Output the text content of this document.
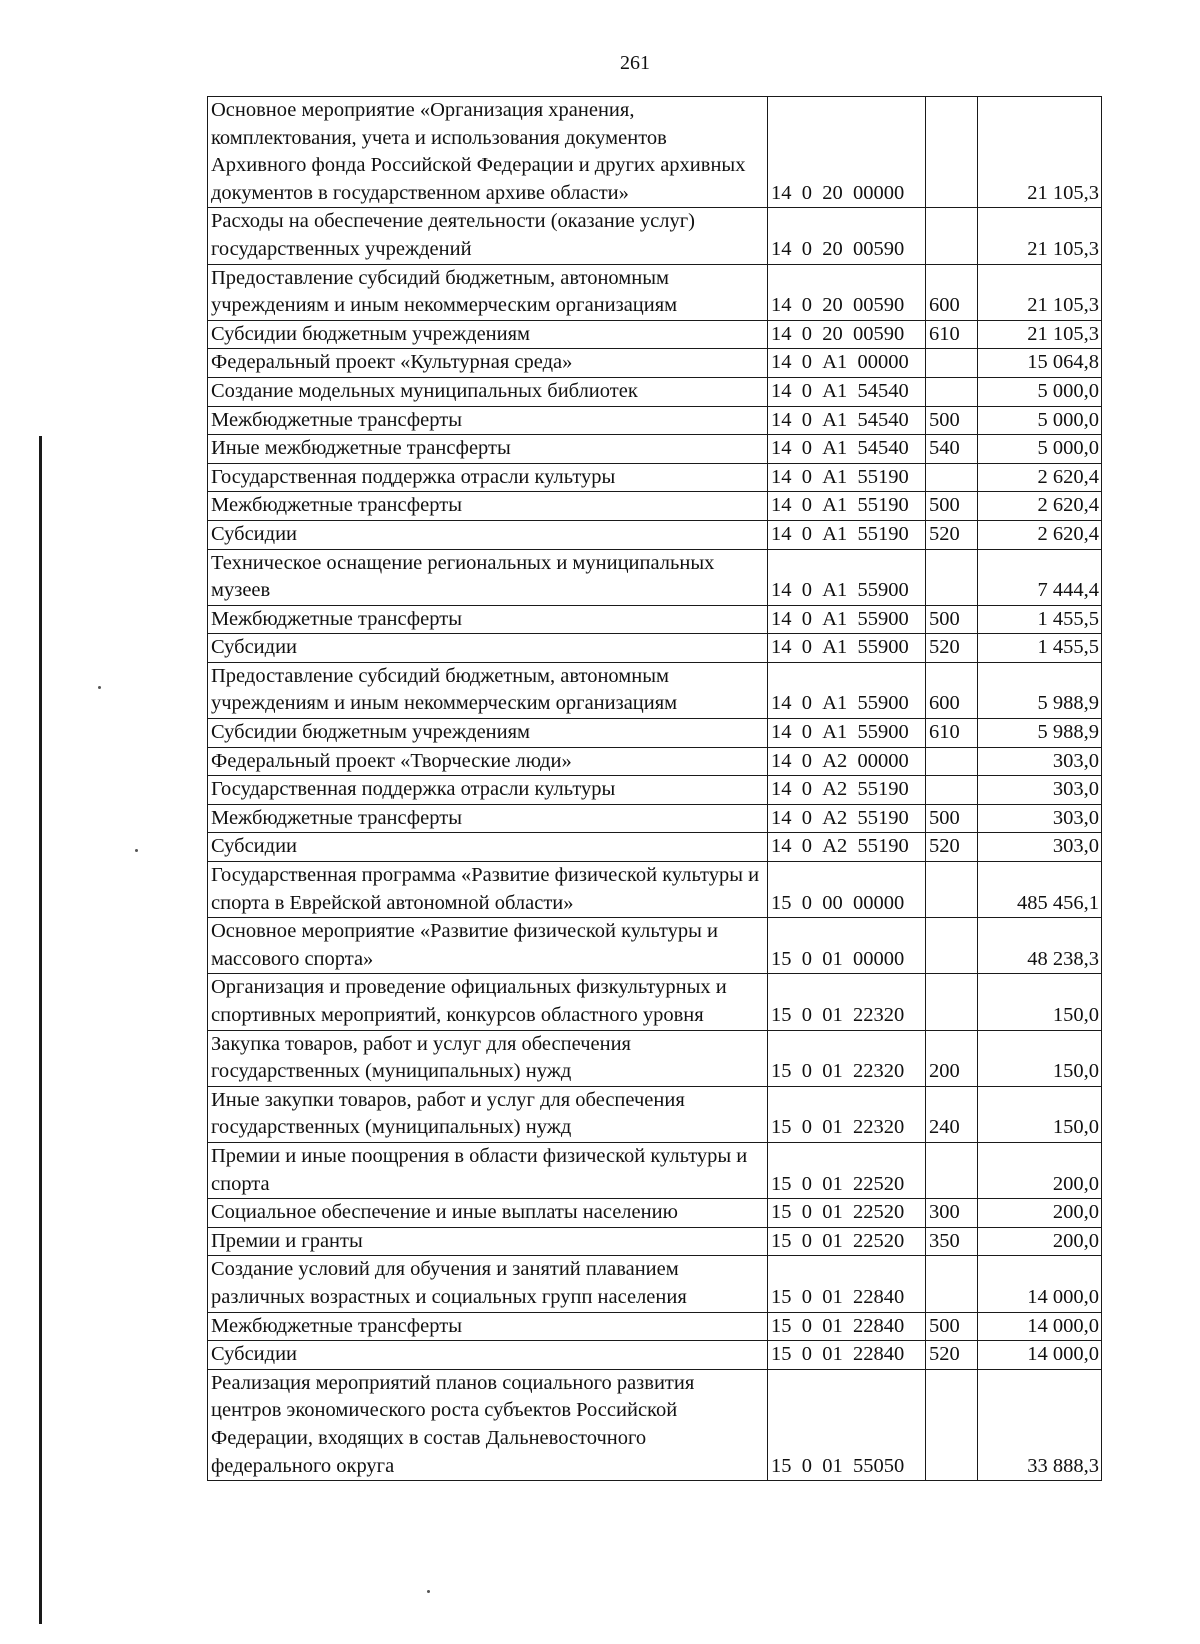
261
Основное мероприятие «Организация хранения, комплектования, учета и использования документов Архивного фонда Российской Федерации и других архивных документов в государственном архиве области»	14  0  20  00000		21 105,3
Расходы на обеспечение деятельности (оказание услуг) государственных учреждений	14  0  20  00590		21 105,3
Предоставление субсидий бюджетным, автономным учреждениям и иным некоммерческим организациям	14  0  20  00590	600	21 105,3
Субсидии бюджетным учреждениям	14  0  20  00590	610	21 105,3
Федеральный проект «Культурная среда»	14  0  А1  00000		15 064,8
Создание модельных муниципальных библиотек	14  0  А1  54540		5 000,0
Межбюджетные трансферты	14  0  А1  54540	500	5 000,0
Иные межбюджетные трансферты	14  0  А1  54540	540	5 000,0
Государственная поддержка отрасли культуры	14  0  А1  55190		2 620,4
Межбюджетные трансферты	14  0  А1  55190	500	2 620,4
Субсидии	14  0  А1  55190	520	2 620,4
Техническое оснащение региональных и муниципальных музеев	14  0  А1  55900		7 444,4
Межбюджетные трансферты	14  0  А1  55900	500	1 455,5
Субсидии	14  0  А1  55900	520	1 455,5
Предоставление субсидий бюджетным, автономным учреждениям и иным некоммерческим организациям	14  0  А1  55900	600	5 988,9
Субсидии бюджетным учреждениям	14  0  А1  55900	610	5 988,9
Федеральный проект «Творческие люди»	14  0  А2  00000		303,0
Государственная поддержка отрасли культуры	14  0  А2  55190		303,0
Межбюджетные трансферты	14  0  А2  55190	500	303,0
Субсидии	14  0  А2  55190	520	303,0
Государственная программа «Развитие физической культуры и спорта в Еврейской автономной области»	15  0  00  00000		485 456,1
Основное мероприятие «Развитие физической культуры и массового спорта»	15  0  01  00000		48 238,3
Организация и проведение официальных физкультурных и спортивных мероприятий, конкурсов областного уровня	15  0  01  22320		150,0
Закупка товаров, работ и услуг для обеспечения государственных (муниципальных) нужд	15  0  01  22320	200	150,0
Иные закупки товаров, работ и услуг для обеспечения государственных (муниципальных) нужд	15  0  01  22320	240	150,0
Премии и иные поощрения в области физической культуры и спорта	15  0  01  22520		200,0
Социальное обеспечение и иные выплаты населению	15  0  01  22520	300	200,0
Премии и гранты	15  0  01  22520	350	200,0
Создание условий для обучения и занятий плаванием различных возрастных и социальных групп населения	15  0  01  22840		14 000,0
Межбюджетные трансферты	15  0  01  22840	500	14 000,0
Субсидии	15  0  01  22840	520	14 000,0
Реализация мероприятий планов социального развития центров экономического роста субъектов Российской Федерации, входящих в состав Дальневосточного федерального округа	15  0  01  55050		33 888,3
